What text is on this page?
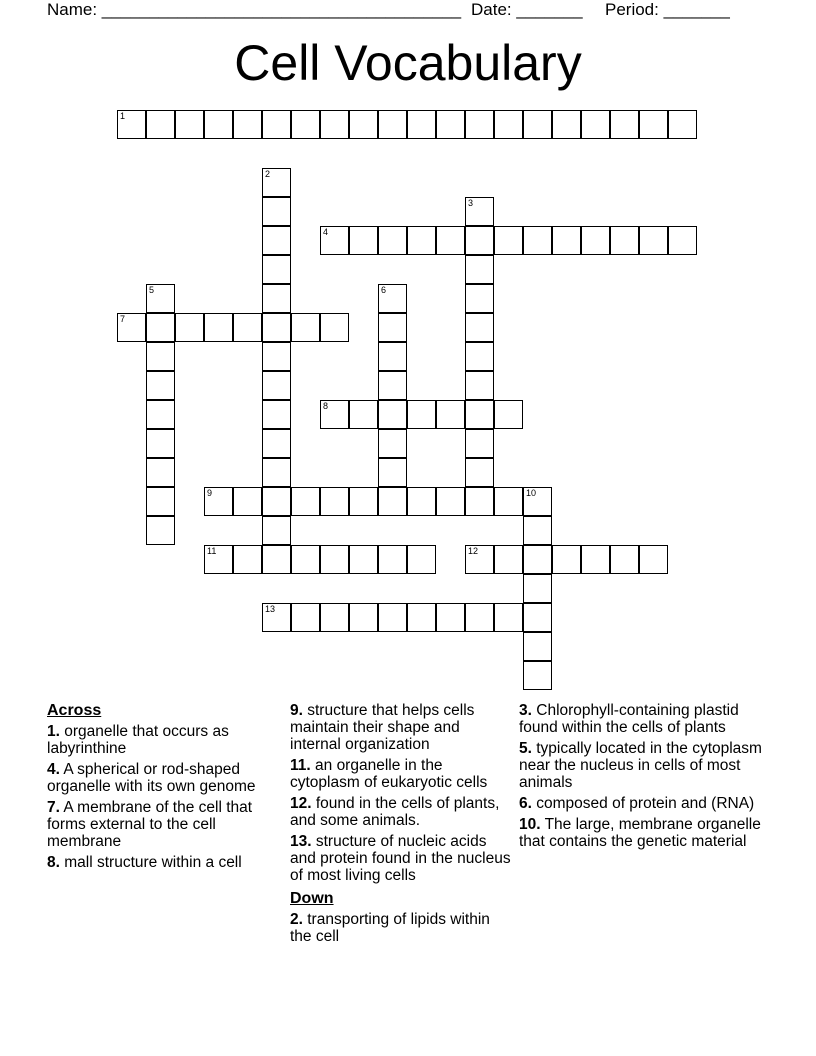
Name: ______________________________________ Date: _______ Period: _______
Cell Vocabulary
1
2
3
4
5	6
7
8
9	10
11	12
13
Across
1. organelle that occurs as labyrinthine
4. A spherical or rod-shaped organelle with its own genome
7. A membrane of the cell that forms external to the cell membrane
8. mall structure within a cell
9. structure that helps cells maintain their shape and internal organization
11. an organelle in the cytoplasm of eukaryotic cells
12. found in the cells of plants, and some animals.
13. structure of nucleic acids and protein found in the nucleus of most living cells
Down
2. transporting of lipids within the cell
3. Chlorophyll-containing plastid found within the cells of plants
5. typically located in the cytoplasm near the nucleus in cells of most animals
6. composed of protein and (RNA)
10. The large, membrane organelle that contains the genetic material
